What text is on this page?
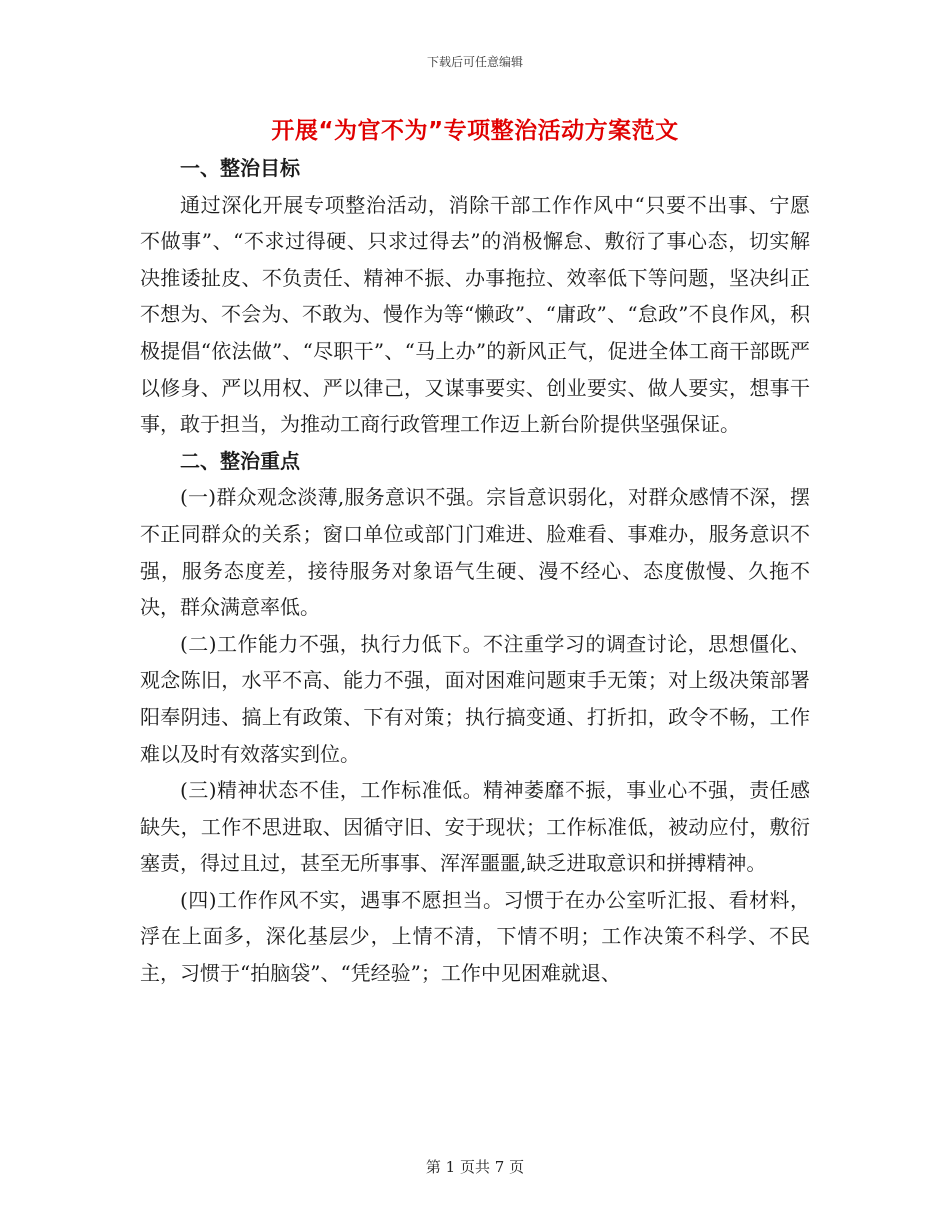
下载后可任意编辑
开展“为官不为”专项整治活动方案范文
一、整治目标

通过深化开展专项整治活动，消除干部工作作风中“只要不出事、宁愿不做事”、“不求过得硬、只求过得去”的消极懈怠、敷衍了事心态，切实解决推诿扯皮、不负责任、精神不振、办事拖拉、效率低下等问题，坚决纠正不想为、不会为、不敢为、慢作为等“懒政”、“庸政”、“怠政”不良作风，积极提倡“依法做”、“尽职干”、“马上办”的新风正气，促进全体工商干部既严以修身、严以用权、严以律己，又谋事要实、创业要实、做人要实，想事干事，敢于担当，为推动工商行政管理工作迈上新台阶提供坚强保证。

二、整治重点

(一)群众观念淡薄,服务意识不强。宗旨意识弱化，对群众感情不深，摆不正同群众的关系；窗口单位或部门门难进、脸难看、事难办，服务意识不强，服务态度差，接待服务对象语气生硬、漫不经心、态度傲慢、久拖不决，群众满意率低。

(二)工作能力不强，执行力低下。不注重学习的调查讨论，思想僵化、观念陈旧，水平不高、能力不强，面对困难问题束手无策；对上级决策部署阳奉阴违、搞上有政策、下有对策；执行搞变通、打折扣，政令不畅，工作难以及时有效落实到位。

(三)精神状态不佳，工作标准低。精神萎靡不振，事业心不强，责任感缺失，工作不思进取、因循守旧、安于现状；工作标准低，被动应付，敷衍塞责，得过且过，甚至无所事事、浑浑噩噩,缺乏进取意识和拼搏精神。

(四)工作作风不实，遇事不愿担当。习惯于在办公室听汇报、看材料，浮在上面多，深化基层少，上情不清，下情不明；工作决策不科学、不民主，习惯于“拍脑袋”、“凭经验”；工作中见困难就退、

第 1 页共 7 页
